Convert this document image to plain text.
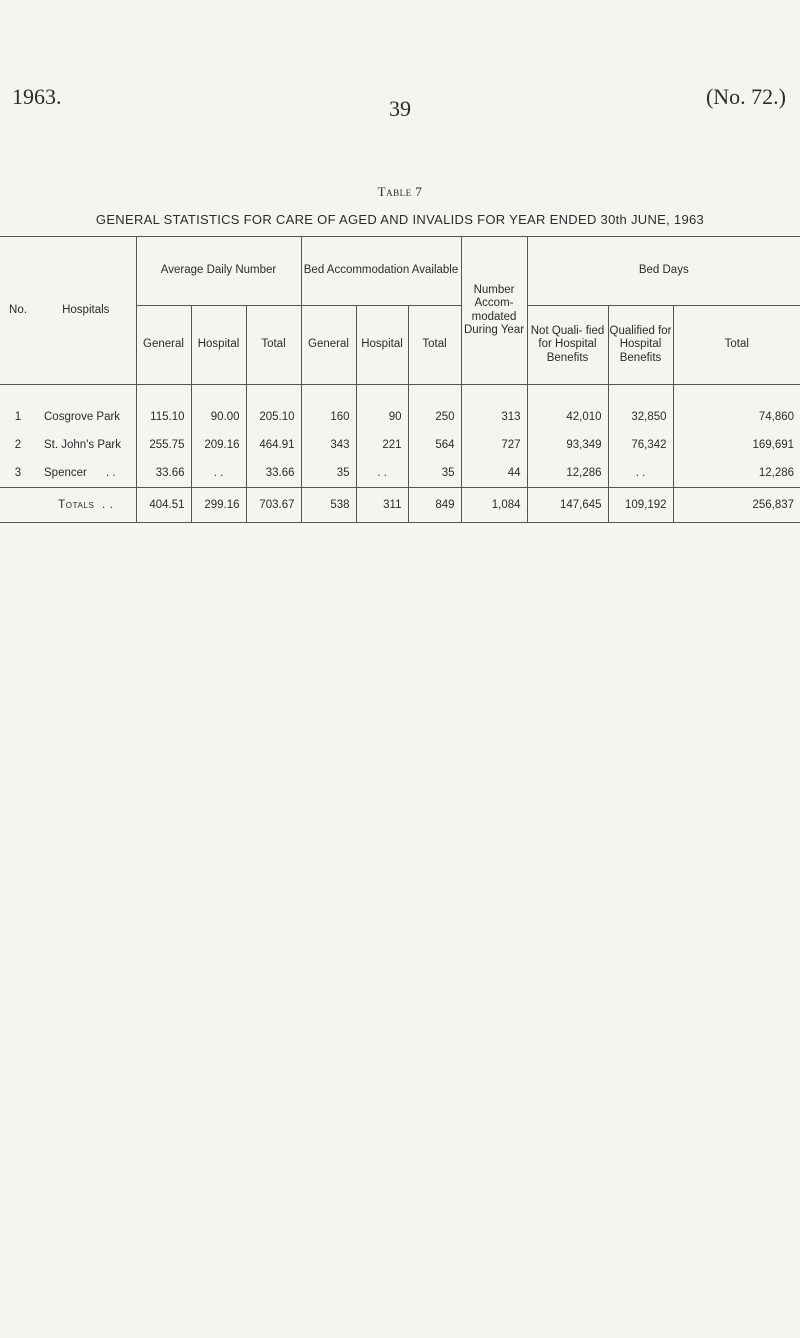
1963.	39	(No. 72.)
Table 7
GENERAL STATISTICS FOR CARE OF AGED AND INVALIDS FOR YEAR ENDED 30th JUNE, 1963
No.	Hospitals	Average Daily Number			Bed Accommodation Available			Number Accom- modated During Year	Bed Days		
		General	Hospital	Total	General	Hospital	Total		Not Quali- fied for Hospital Benefits	Qualified for Hospital Benefits	Total

1	Cosgrove Park	115.10	90.00	205.10	160	90	250	313	42,010	32,850	74,860
2	St. John's Park	255.75	209.16	464.91	343	221	564	727	93,349	76,342	169,691
3	Spencer . .	33.66	. .	33.66	35	. .	35	44	12,286	. .	12,286
	Totals . .	404.51	299.16	703.67	538	311	849	1,084	147,645	109,192	256,837
